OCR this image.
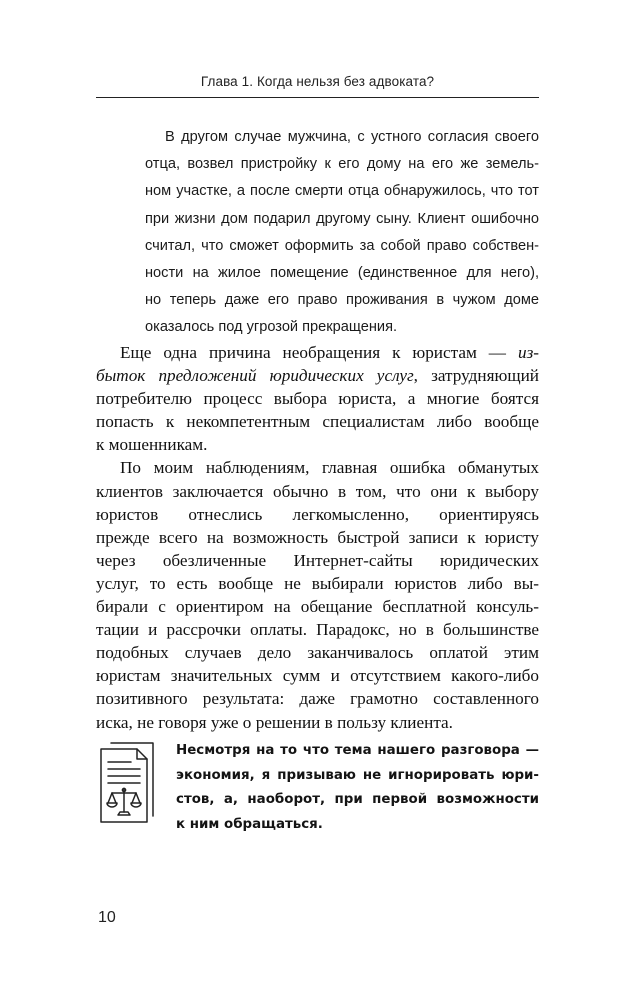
Глава 1. Когда нельзя без адвоката?
В другом случае мужчина, с устного согласия своего
отца, возвел пристройку к его дому на его же земель-
ном участке, а после смерти отца обнаружилось, что тот
при жизни дом подарил другому сыну. Клиент ошибочно
считал, что сможет оформить за собой право собствен-
ности на жилое помещение (единственное для него),
но теперь даже его право проживания в чужом доме
оказалось под угрозой прекращения.
Еще одна причина необращения к юристам — из-
быток предложений юридических услуг, затрудняющий
потребителю процесс выбора юриста, а многие боятся
попасть к некомпетентным специалистам либо вообще
к мошенникам.
По моим наблюдениям, главная ошибка обманутых
клиентов заключается обычно в том, что они к выбору
юристов отнеслись легкомысленно, ориентируясь
прежде всего на возможность быстрой записи к юристу
через обезличенные Интернет-сайты юридических
услуг, то есть вообще не выбирали юристов либо вы-
бирали с ориентиром на обещание бесплатной консуль-
тации и рассрочки оплаты. Парадокс, но в большинстве
подобных случаев дело заканчивалось оплатой этим
юристам значительных сумм и отсутствием какого-либо
позитивного результата: даже грамотно составленного
иска, не говоря уже о решении в пользу клиента.
Несмотря на то что тема нашего разговора —
экономия, я призываю не игнорировать юри-
стов, а, наоборот, при первой возможности
к ним обращаться.
10
